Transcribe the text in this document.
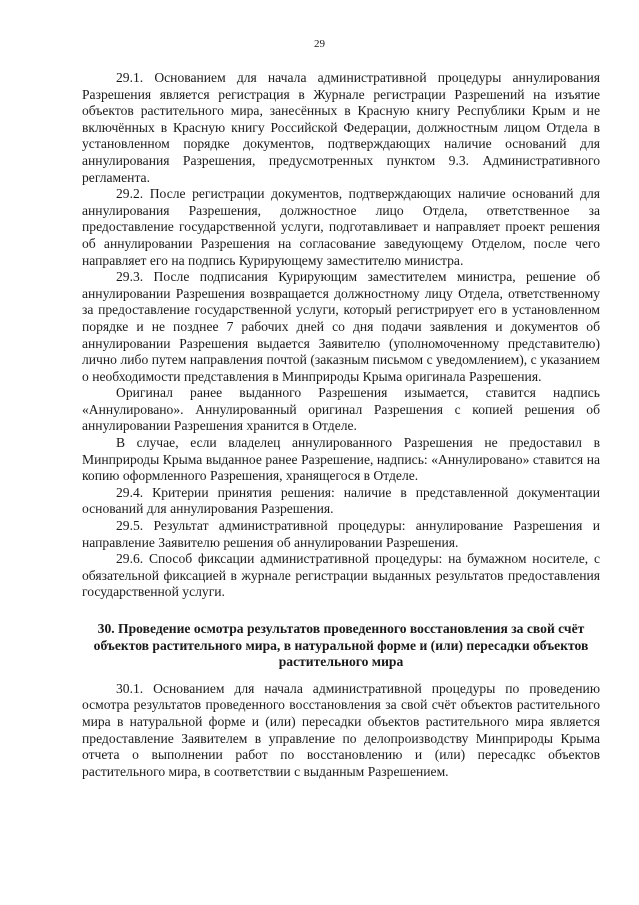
29

29.1. Основанием для начала административной процедуры аннулирования Разрешения является регистрация в Журнале регистрации Разрешений на изъятие объектов растительного мира, занесённых в Красную книгу Республики Крым и не включённых в Красную книгу Российской Федерации, должностным лицом Отдела в установленном порядке документов, подтверждающих наличие оснований для аннулирования Разрешения, предусмотренных пунктом 9.3. Административного регламента.

29.2. После регистрации документов, подтверждающих наличие оснований для аннулирования Разрешения, должностное лицо Отдела, ответственное за предоставление государственной услуги, подготавливает и направляет проект решения об аннулировании Разрешения на согласование заведующему Отделом, после чего направляет его на подпись Курирующему заместителю министра.

29.3. После подписания Курирующим заместителем министра, решение об аннулировании Разрешения возвращается должностному лицу Отдела, ответственному за предоставление государственной услуги, который регистрирует его в установленном порядке и не позднее 7 рабочих дней со дня подачи заявления и документов об аннулировании Разрешения выдается Заявителю (уполномоченному представителю) лично либо путем направления почтой (заказным письмом с уведомлением), с указанием о необходимости представления в Минприроды Крыма оригинала Разрешения.

Оригинал ранее выданного Разрешения изымается, ставится надпись «Аннулировано». Аннулированный оригинал Разрешения с копией решения об аннулировании Разрешения хранится в Отделе.

В случае, если владелец аннулированного Разрешения не предоставил в Минприроды Крыма выданное ранее Разрешение, надпись: «Аннулировано» ставится на копию оформленного Разрешения, хранящегося в Отделе.

29.4. Критерии принятия решения: наличие в представленной документации оснований для аннулирования Разрешения.

29.5. Результат административной процедуры: аннулирование Разрешения и направление Заявителю решения об аннулировании Разрешения.

29.6. Способ фиксации административной процедуры: на бумажном носителе, с обязательной фиксацией в журнале регистрации выданных результатов предоставления государственной услуги.

30. Проведение осмотра результатов проведенного восстановления за свой счёт объектов растительного мира, в натуральной форме и (или) пересадки объектов растительного мира

30.1. Основанием для начала административной процедуры по проведению осмотра результатов проведенного восстановления за свой счёт объектов растительного мира в натуральной форме и (или) пересадки объектов растительного мира является предоставление Заявителем в управление по делопроизводству Минприроды Крыма отчета о выполнении работ по восстановлению и (или) пересадкс объектов растительного мира, в соответствии с выданным Разрешением.
